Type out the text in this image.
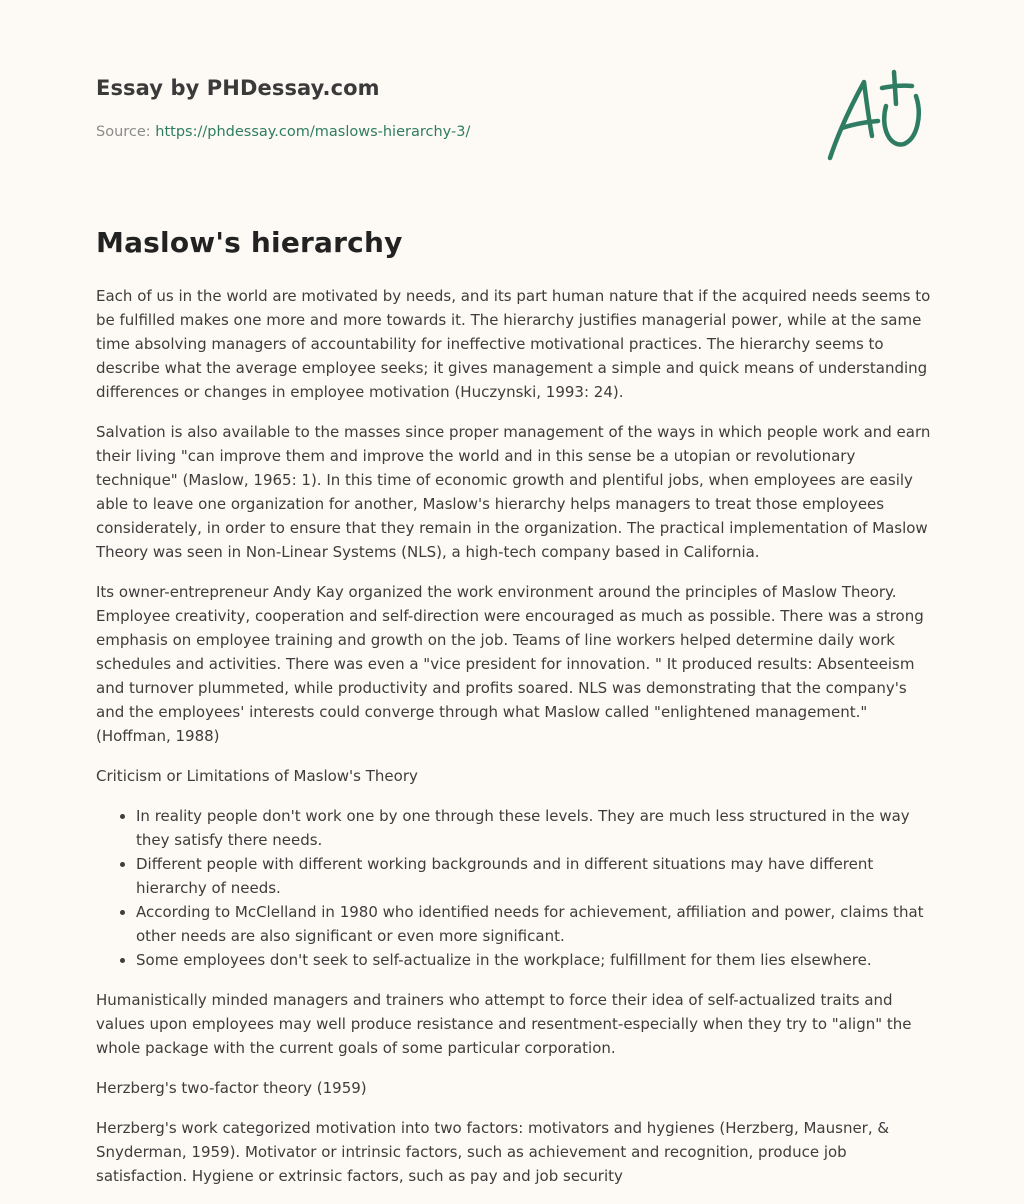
Essay by PHDessay.com

Source: https://phdessay.com/maslows-hierarchy-3/

Maslow's hierarchy

Each of us in the world are motivated by needs, and its part human nature that if the acquired needs seems to be fulfilled makes one more and more towards it. The hierarchy justifies managerial power, while at the same time absolving managers of accountability for ineffective motivational practices. The hierarchy seems to describe what the average employee seeks; it gives management a simple and quick means of understanding differences or changes in employee motivation (Huczynski, 1993: 24).

Salvation is also available to the masses since proper management of the ways in which people work and earn their living "can improve them and improve the world and in this sense be a utopian or revolutionary technique" (Maslow, 1965: 1). In this time of economic growth and plentiful jobs, when employees are easily able to leave one organization for another, Maslow's hierarchy helps managers to treat those employees considerately, in order to ensure that they remain in the organization. The practical implementation of Maslow Theory was seen in Non-Linear Systems (NLS), a high-tech company based in California.

Its owner-entrepreneur Andy Kay organized the work environment around the principles of Maslow Theory. Employee creativity, cooperation and self-direction were encouraged as much as possible. There was a strong emphasis on employee training and growth on the job. Teams of line workers helped determine daily work schedules and activities. There was even a "vice president for innovation. " It produced results: Absenteeism and turnover plummeted, while productivity and profits soared. NLS was demonstrating that the company's and the employees' interests could converge through what Maslow called "enlightened management." (Hoffman, 1988)

Criticism or Limitations of Maslow's Theory

• In reality people don't work one by one through these levels. They are much less structured in the way they satisfy there needs.
• Different people with different working backgrounds and in different situations may have different hierarchy of needs.
• According to McClelland in 1980 who identified needs for achievement, affiliation and power, claims that other needs are also significant or even more significant.
• Some employees don't seek to self-actualize in the workplace; fulfillment for them lies elsewhere.

Humanistically minded managers and trainers who attempt to force their idea of self-actualized traits and values upon employees may well produce resistance and resentment-especially when they try to "align" the whole package with the current goals of some particular corporation.

Herzberg's two-factor theory (1959)

Herzberg's work categorized motivation into two factors: motivators and hygienes (Herzberg, Mausner, & Snyderman, 1959). Motivator or intrinsic factors, such as achievement and recognition, produce job satisfaction. Hygiene or extrinsic factors, such as pay and job security
